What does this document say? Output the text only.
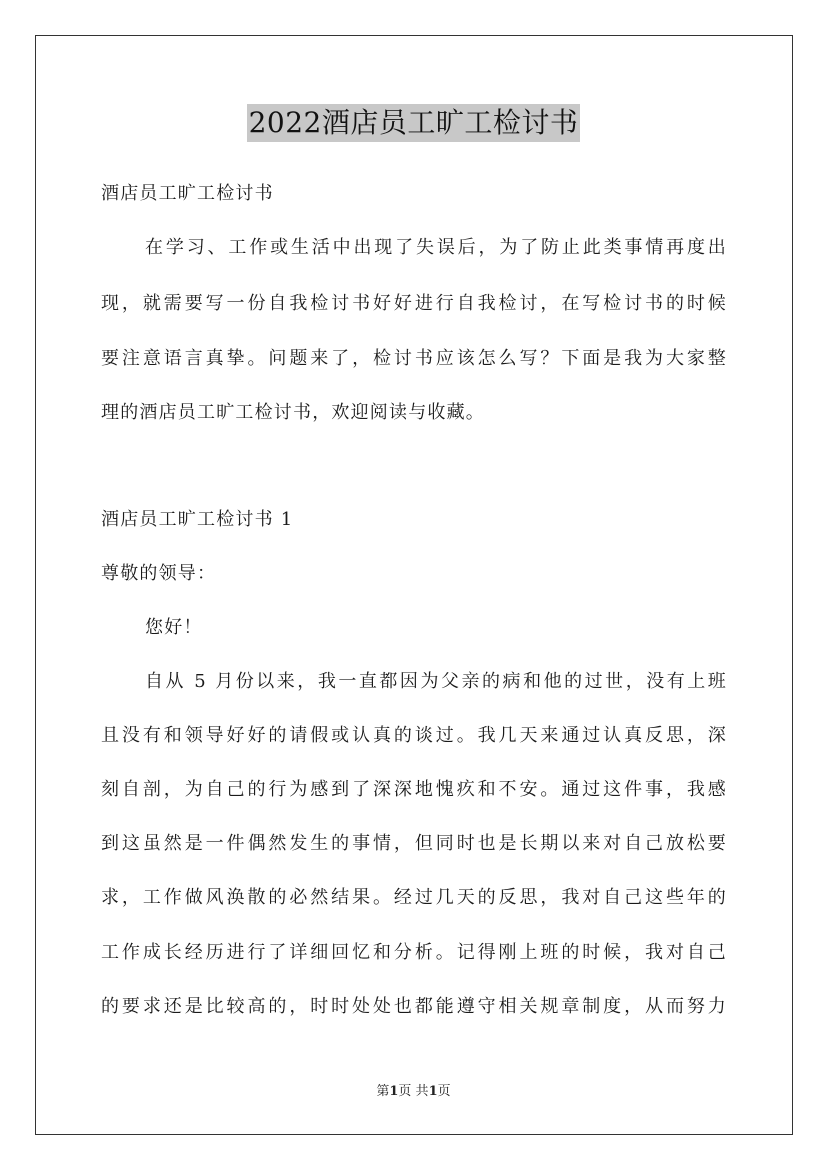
2022酒店员工旷工检讨书
酒店员工旷工检讨书
在学习、工作或生活中出现了失误后，为了防止此类事情再度出
现，就需要写一份自我检讨书好好进行自我检讨，在写检讨书的时候
要注意语言真挚。问题来了，检讨书应该怎么写？下面是我为大家整
理的酒店员工旷工检讨书，欢迎阅读与收藏。
酒店员工旷工检讨书 1
尊敬的领导：
您好！
自从 5 月份以来，我一直都因为父亲的病和他的过世，没有上班
且没有和领导好好的请假或认真的谈过。我几天来通过认真反思，深
刻自剖，为自己的行为感到了深深地愧疚和不安。通过这件事，我感
到这虽然是一件偶然发生的事情，但同时也是长期以来对自己放松要
求，工作做风涣散的必然结果。经过几天的反思，我对自己这些年的
工作成长经历进行了详细回忆和分析。记得刚上班的时候，我对自己
的要求还是比较高的，时时处处也都能遵守相关规章制度，从而努力
第1页 共1页
